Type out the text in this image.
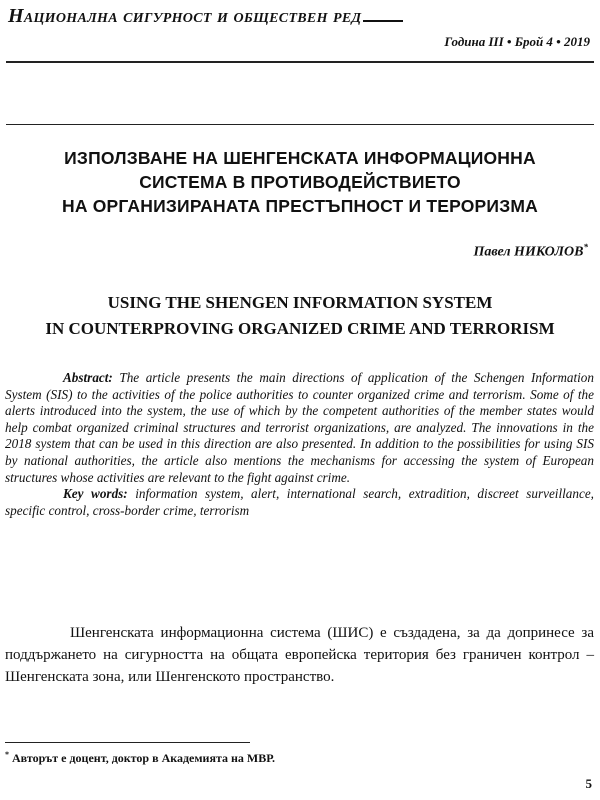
Национална сигурност и обществен ред
Година III • Брой 4 • 2019
ИЗПОЛЗВАНЕ НА ШЕНГЕНСКАТА ИНФОРМАЦИОННА
СИСТЕМА В ПРОТИВОДЕЙСТВИЕТО
НА ОРГАНИЗИРАНАТА ПРЕСТЪПНОСТ И ТЕРОРИЗМА
Павел НИКОЛОВ*
USING THE SHENGEN INFORMATION SYSTEM
IN COUNTERPROVING ORGANIZED CRIME AND TERRORISM

Abstract: The article presents the main directions of application of the Schengen Information System (SIS) to the activities of the police authorities to counter organized crime and terrorism. Some of the alerts introduced into the system, the use of which by the competent authorities of the member states would help combat organized criminal structures and terrorist organizations, are analyzed. The innovations in the 2018 system that can be used in this direction are also presented. In addition to the possibilities for using SIS by national authorities, the article also mentions the mechanisms for accessing the system of European structures whose activities are relevant to the fight against crime.

Key words: information system, alert, international search, extradition, discreet surveillance, specific control, cross-border crime, terrorism

Шенгенската информационна система (ШИС) е създадена, за да допринесе за поддържането на сигурността на общата европейска територия без граничен контрол – Шенгенската зона, или Шенгенското пространство.

* Авторът е доцент, доктор в Академията на МВР.
5
